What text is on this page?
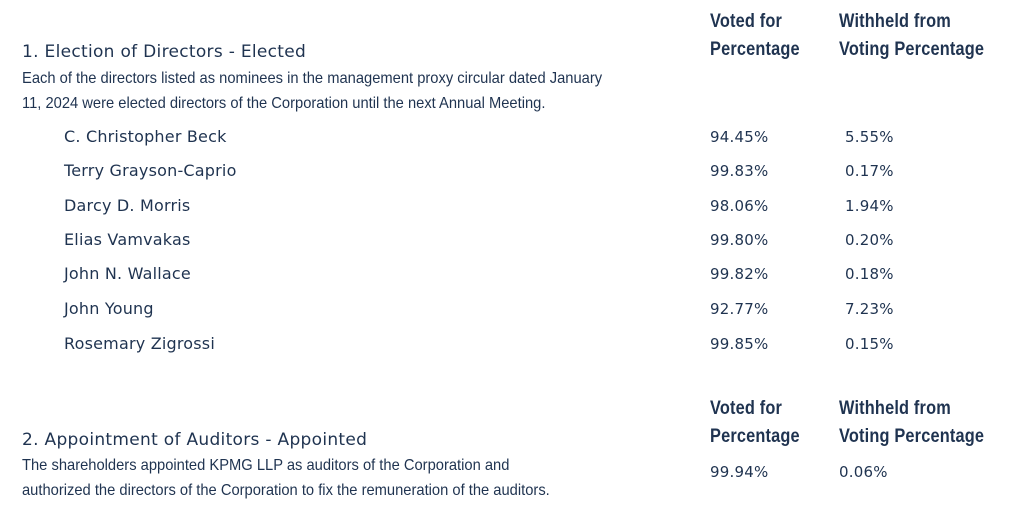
Voted for
Percentage
Withheld from
Voting Percentage
1. Election of Directors - Elected
Each of the directors listed as nominees in the management proxy circular dated January
11, 2024 were elected directors of the Corporation until the next Annual Meeting.
C. Christopher Beck	94.45%	5.55%
Terry Grayson-Caprio	99.83%	0.17%
Darcy D. Morris	98.06%	1.94%
Elias Vamvakas	99.80%	0.20%
John N. Wallace	99.82%	0.18%
John Young	92.77%	7.23%
Rosemary Zigrossi	99.85%	0.15%
Voted for
Percentage
Withheld from
Voting Percentage
2. Appointment of Auditors - Appointed
The shareholders appointed KPMG LLP as auditors of the Corporation and
authorized the directors of the Corporation to fix the remuneration of the auditors.
99.94%	0.06%
